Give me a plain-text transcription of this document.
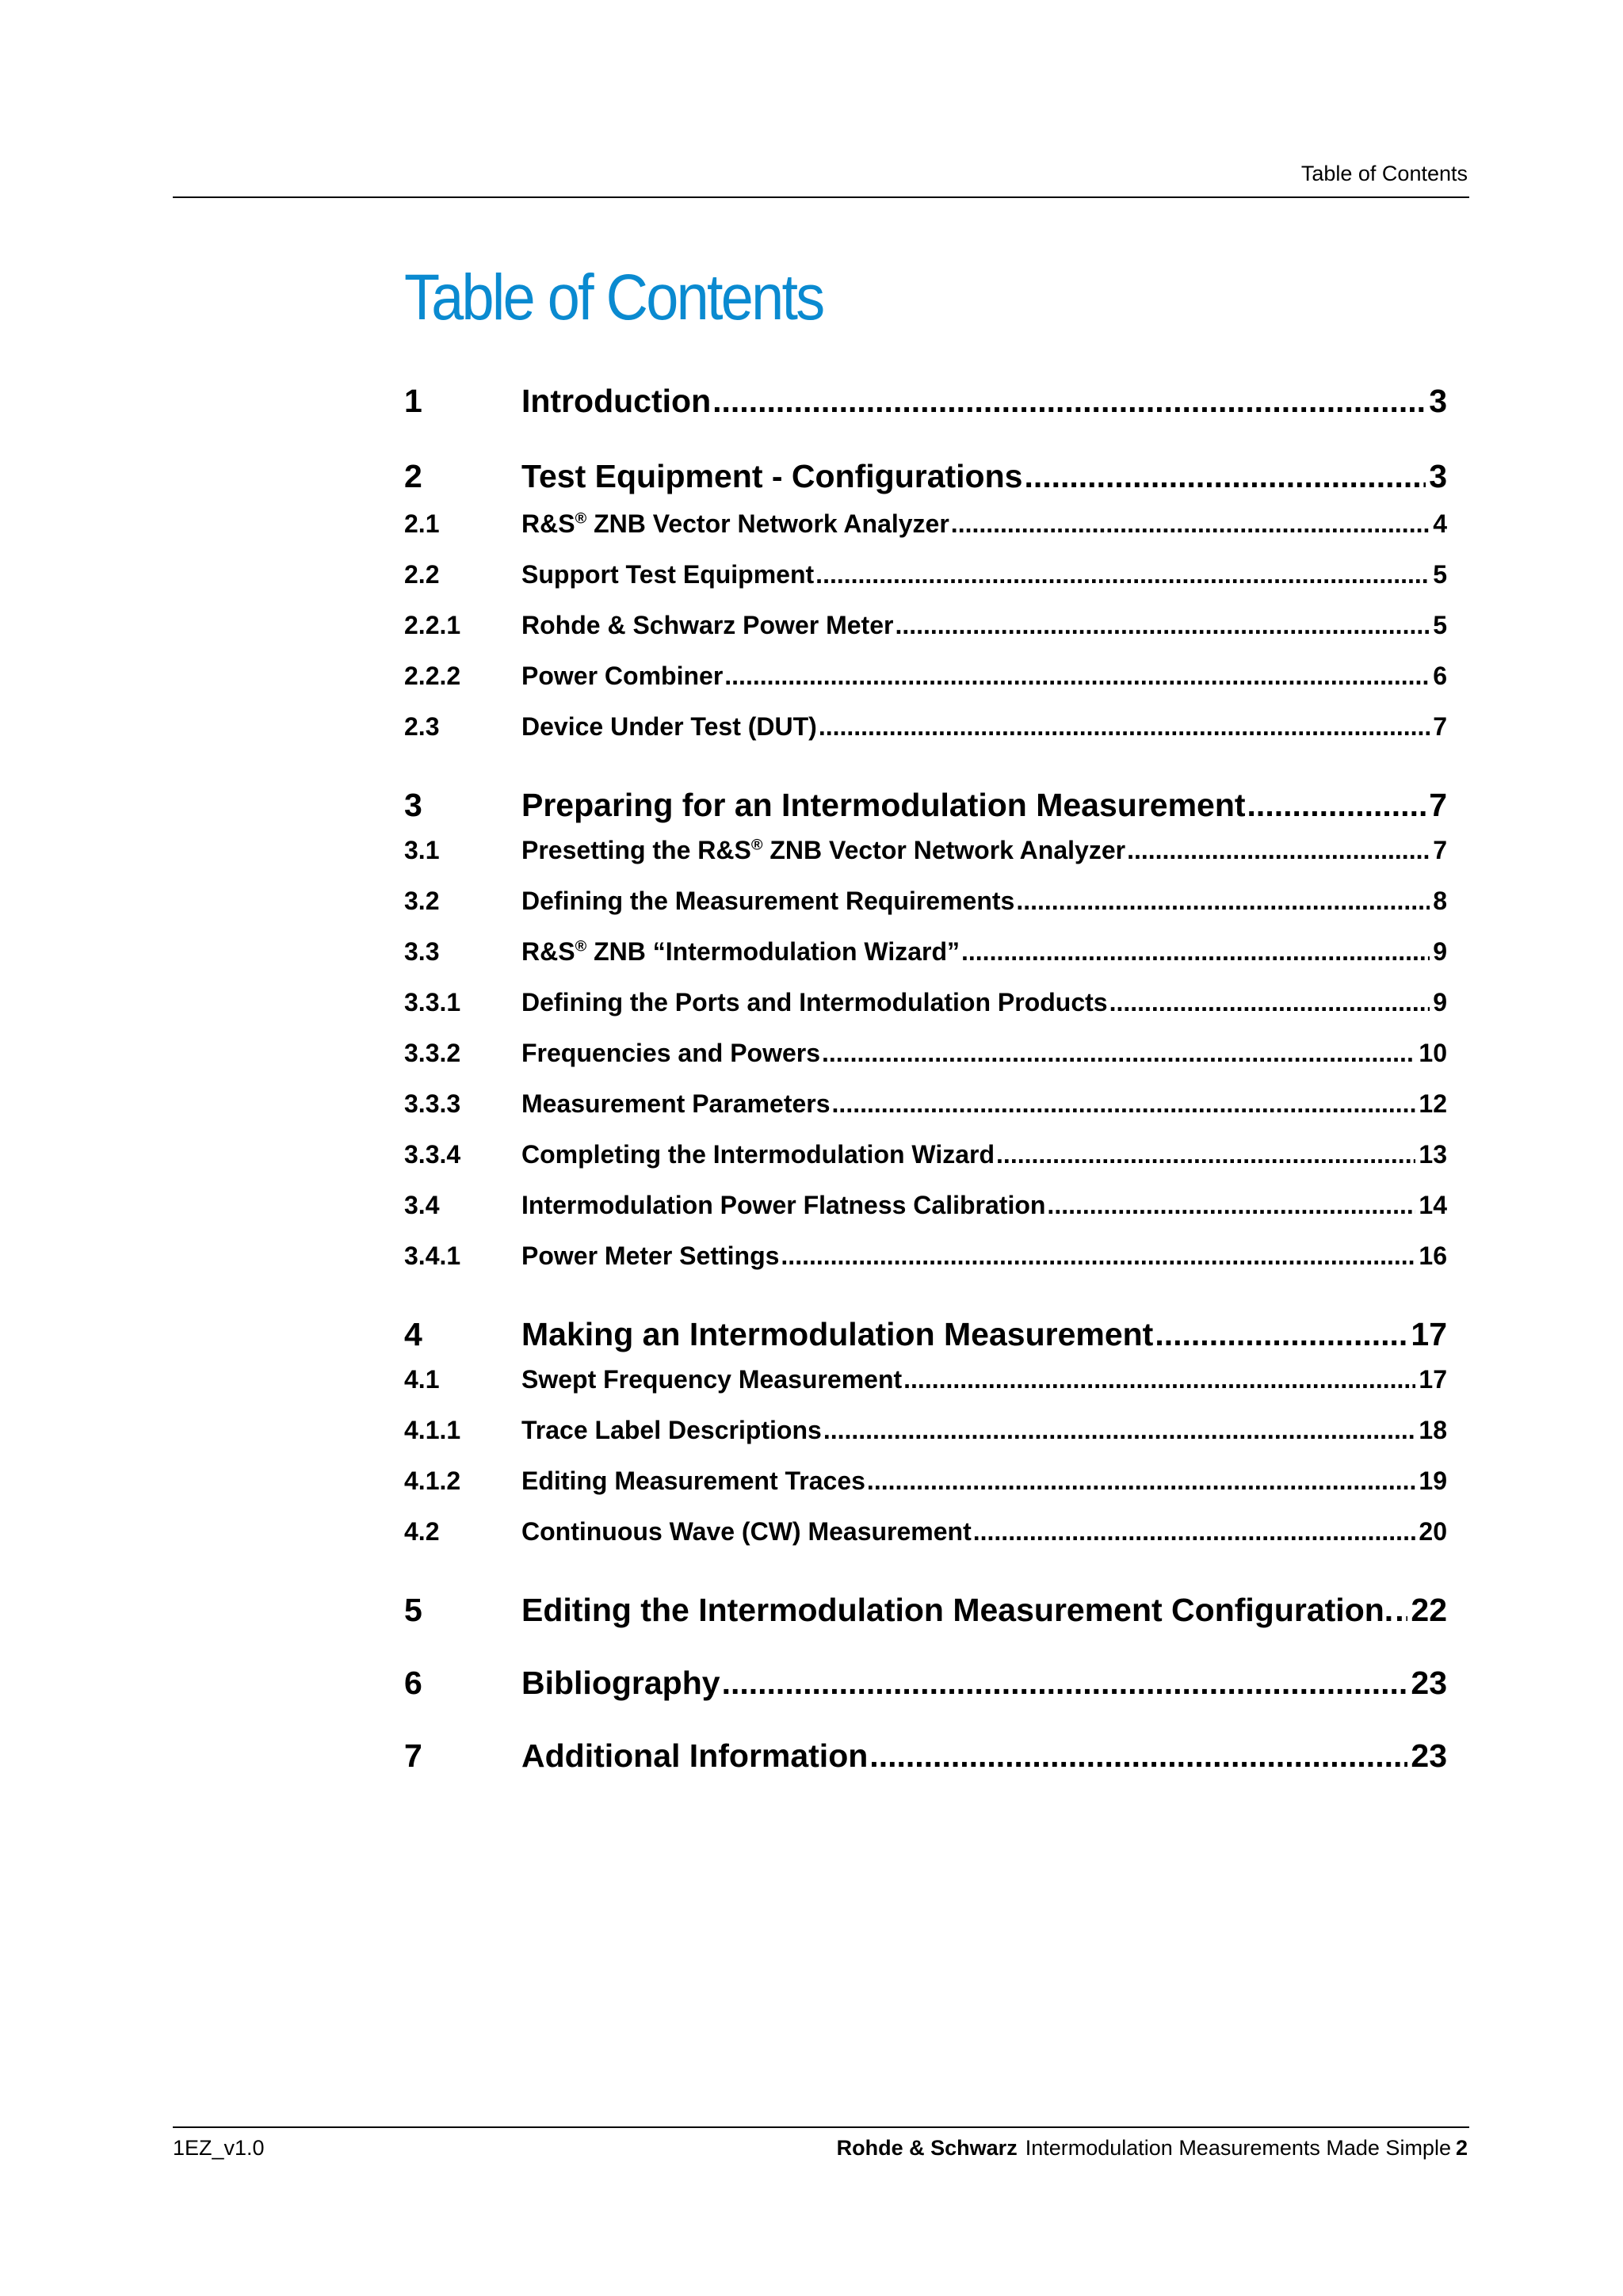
Table of Contents
Table of Contents
1	Introduction .....	3
2	Test Equipment - Configurations .....	3
2.1	R&S® ZNB Vector Network Analyzer .....	4
2.2	Support Test Equipment .....	5
2.2.1	Rohde & Schwarz Power Meter .....	5
2.2.2	Power Combiner .....	6
2.3	Device Under Test (DUT) .....	7
3	Preparing for an Intermodulation Measurement .....	7
3.1	Presetting the R&S® ZNB Vector Network Analyzer .....	7
3.2	Defining the Measurement Requirements .....	8
3.3	R&S® ZNB “Intermodulation Wizard” .....	9
3.3.1	Defining the Ports and Intermodulation Products .....	9
3.3.2	Frequencies and Powers .....	10
3.3.3	Measurement Parameters .....	12
3.3.4	Completing the Intermodulation Wizard .....	13
3.4	Intermodulation Power Flatness Calibration .....	14
3.4.1	Power Meter Settings .....	16
4	Making an Intermodulation Measurement .....	17
4.1	Swept Frequency Measurement .....	17
4.1.1	Trace Label Descriptions .....	18
4.1.2	Editing Measurement Traces .....	19
4.2	Continuous Wave (CW) Measurement .....	20
5	Editing the Intermodulation Measurement Configuration. ..... 22
6	Bibliography .....	23
7	Additional Information .....	23
1EZ_v1.0	Rohde & Schwarz Intermodulation Measurements Made Simple 2
